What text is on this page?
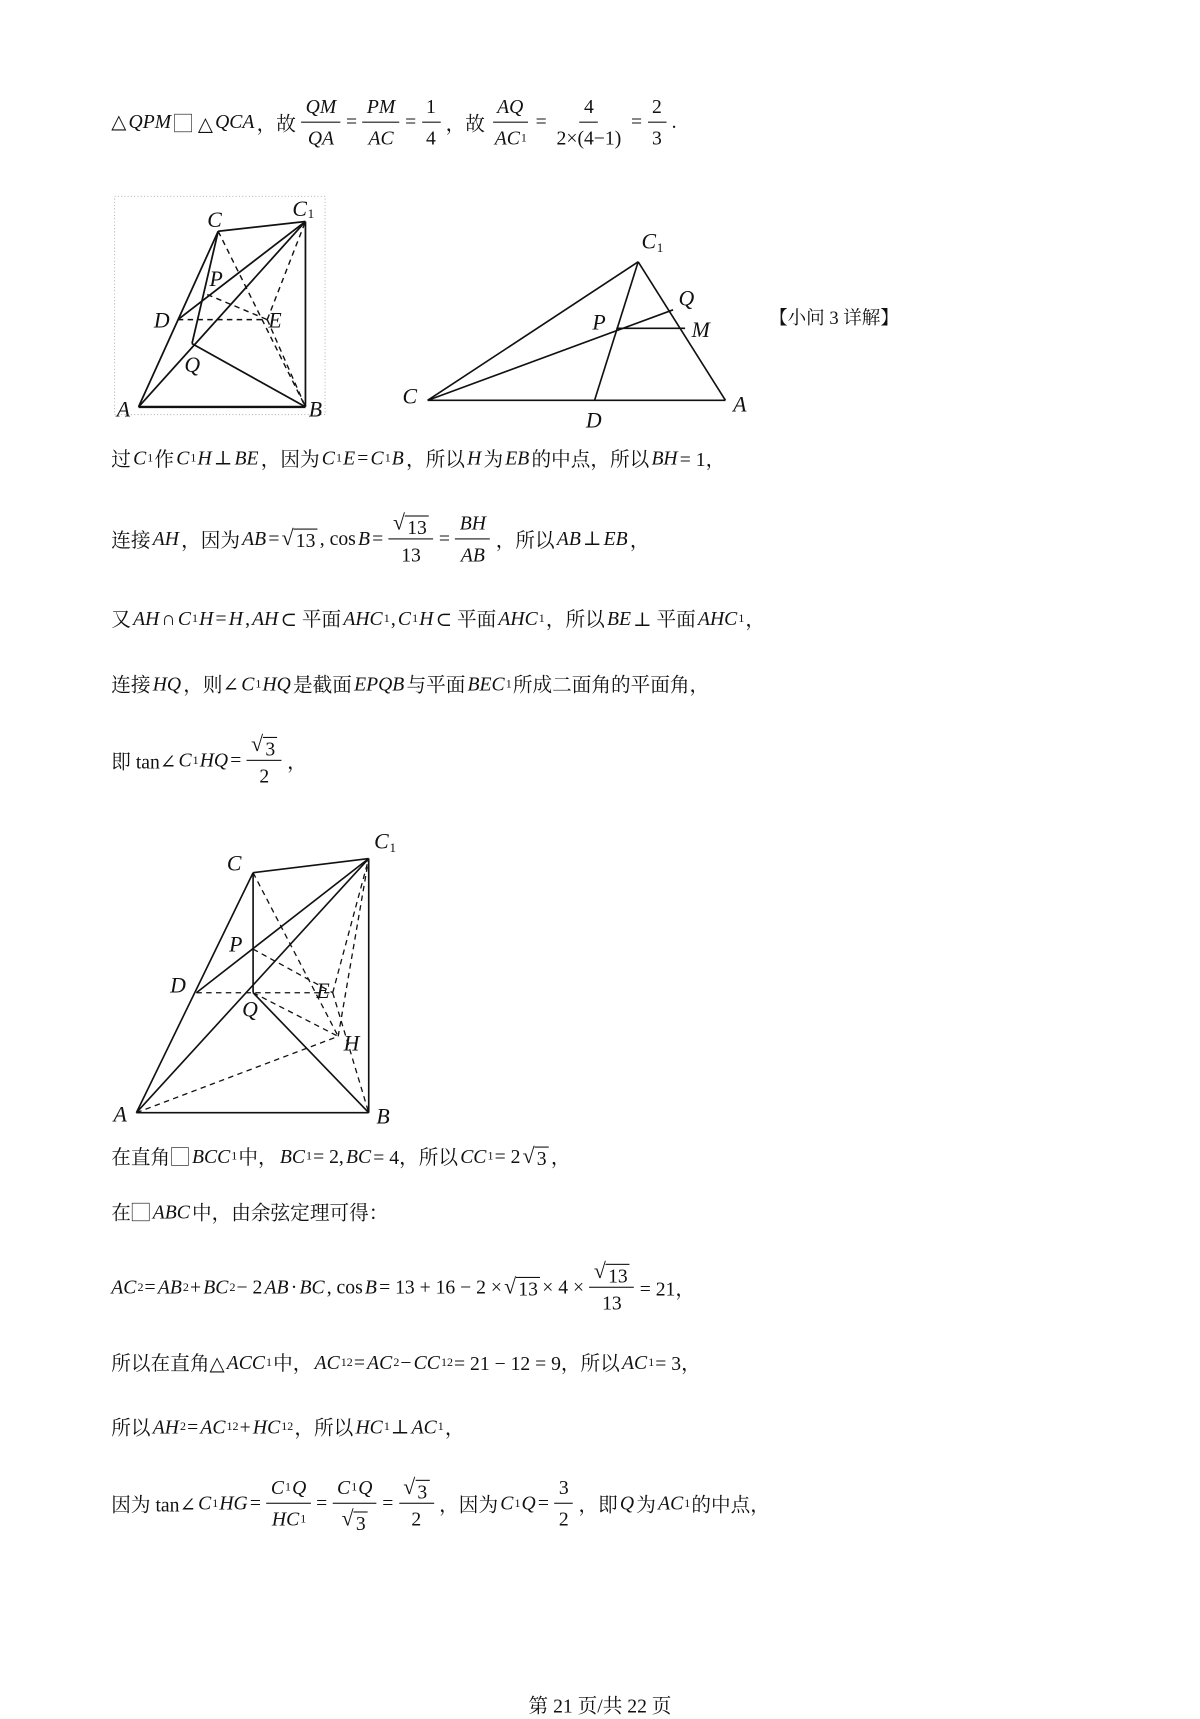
△ QPM ⃞ △ QCA ，故 $\frac{QM}{QA} = \frac{PM}{AC} = \frac{1}{4}$ ，故 $\frac{AQ}{AC 1} = \frac{4}{2\times(4-1)} = \frac{2}{3}$ .
过 C 1 作 C 1 H ⊥ BE ，因为 C 1 E = C 1 B ，所以 H 为 EB 的中点，所以 BH = 1，
连接 AH ，因为 AB = √ 13 , $\cos B = \frac{√ 13}{13} = \frac{BH}{AB}$ ，所以 AB ⊥ EB ，
又 AH ∩ C 1 H = H , AH ⊂ 平面 AHC 1 , C 1 H ⊂ 平面 AHC 1 ，所以 BE ⊥ 平面 AHC 1 ，
连接 HQ ，则∠ C 1 HQ 是截面 EPQB 与平面 BEC 1 所成二面角的平面角，
即 tan∠ C 1 HQ = $\frac{√ 3}{2}$ ，
在直角⃞ BCC 1 中， BC 1 = 2, BC = 4，所以 CC 1 = 2 √ 3 ，
在⃞ ABC 中，由余弦定理可得：
AC 2 = AB 2 + BC 2 − 2 AB · BC , cos B = 13 + 16 − 2 × √ $13 \times 4 \times \frac{√ 13}{13} = 21$，
所以在直角△ ACC 1 中， AC 1 2 = AC 2 − CC 1 2 = 21 − 12 = 9，所以 AC 1 = 3，
所以 AH 2 = AC 1 2 + HC 1 2 ，所以 HC 1 ⊥ AC 1 ，
因为 tan∠ C 1 HG = $\frac{C 1 Q}{HC 1} = \frac{C 1 Q}{√ 3} = \frac{√ 3}{2}$ ，因为 C 1 $Q = \frac{3}{2}$ ，即 Q 为 AC 1 的中点，
【小问 3 详解】
C	C 1
P
D	E
Q
A	B
C 1
Q
P	M
C	A
D
C
C 1
P
D	E
Q
H
A	B
第 21 页/共 22 页
